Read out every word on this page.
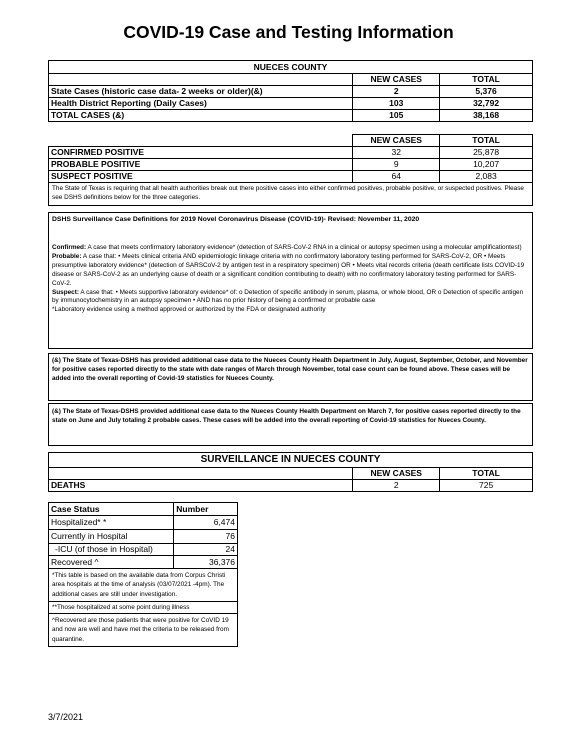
COVID-19 Case and Testing Information
NUECES COUNTY		
	NEW CASES	TOTAL
State Cases (historic case data- 2 weeks or older)(&)	2	5,376
Health District Reporting (Daily Cases)	103	32,792
TOTAL CASES (&)	105	38,168
	NEW CASES	TOTAL
CONFIRMED POSITIVE	32	25,878
PROBABLE POSITIVE	9	10,207
SUSPECT POSITIVE	64	2,083
The State of Texas is requiring that all health authorities break out there positive cases into either confirmed positives, probable positive, or suspected positives. Please see DSHS definitions below for the three categories.		
DSHS Surveillance Case Definitions for 2019 Novel Coronavirus Disease (COVID-19)- Revised: November 11, 2020
Confirmed: A case that meets confirmatory laboratory evidence* (detection of SARS-CoV-2 RNA in a clinical or autopsy specimen using a molecular amplificationtest)
Probable: A case that: • Meets clinical criteria AND epidemiologic linkage criteria with no confirmatory laboratory testing performed for SARS-CoV-2, OR • Meets presumptive laboratory evidence* (detection of SARSCoV-2 by antigen test in a respiratory specimen) OR • Meets vital records criteria (death certificate lists COVID-19 disease or SARS-CoV-2 as an underlying cause of death or a significant condition contributing to death) with no confirmatory laboratory testing performed for SARS-CoV-2.
Suspect: A case that: • Meets supportive laboratory evidence* of: o Detection of specific antibody in serum, plasma, or whole blood, OR o Detection of specific antigen by immunocytochemistry in an autopsy specimen • AND has no prior history of being a confirmed or probable case
*Laboratory evidence using a method approved or authorized by the FDA or designated authority
(&) The State of Texas-DSHS has provided additional case data to the Nueces County Health Department in July, August, September, October, and November for positive cases reported directly to the state with date ranges of March through November, total case count can be found above. These cases will be added into the overall reporting of Covid-19 statistics for Nueces County.
(&) The State of Texas-DSHS provided additional case data to the Nueces County Health Department on March 7, for positive cases reported directly to the state on June and July totaling 2 probable cases. These cases will be added into the overall reporting of Covid-19 statistics for Nueces County.
SURVEILLANCE IN NUECES COUNTY		
	NEW CASES	TOTAL
DEATHS	2	725
Case Status	Number
Hospitalized* *	6,474
Currently in Hospital	76
-ICU (of those in Hospital)	24
Recovered ^	36,376
*This table is based on the available data from Corpus Christi area hospitals at the time of analysis (03/07/2021 -4pm). The additional cases are still under investigation.	
**Those hospitalized at some point during illness	
^Recovered are those patients that were positive for CoVID 19 and now are well and have met the criteria to be released from quarantine.	
3/7/2021
